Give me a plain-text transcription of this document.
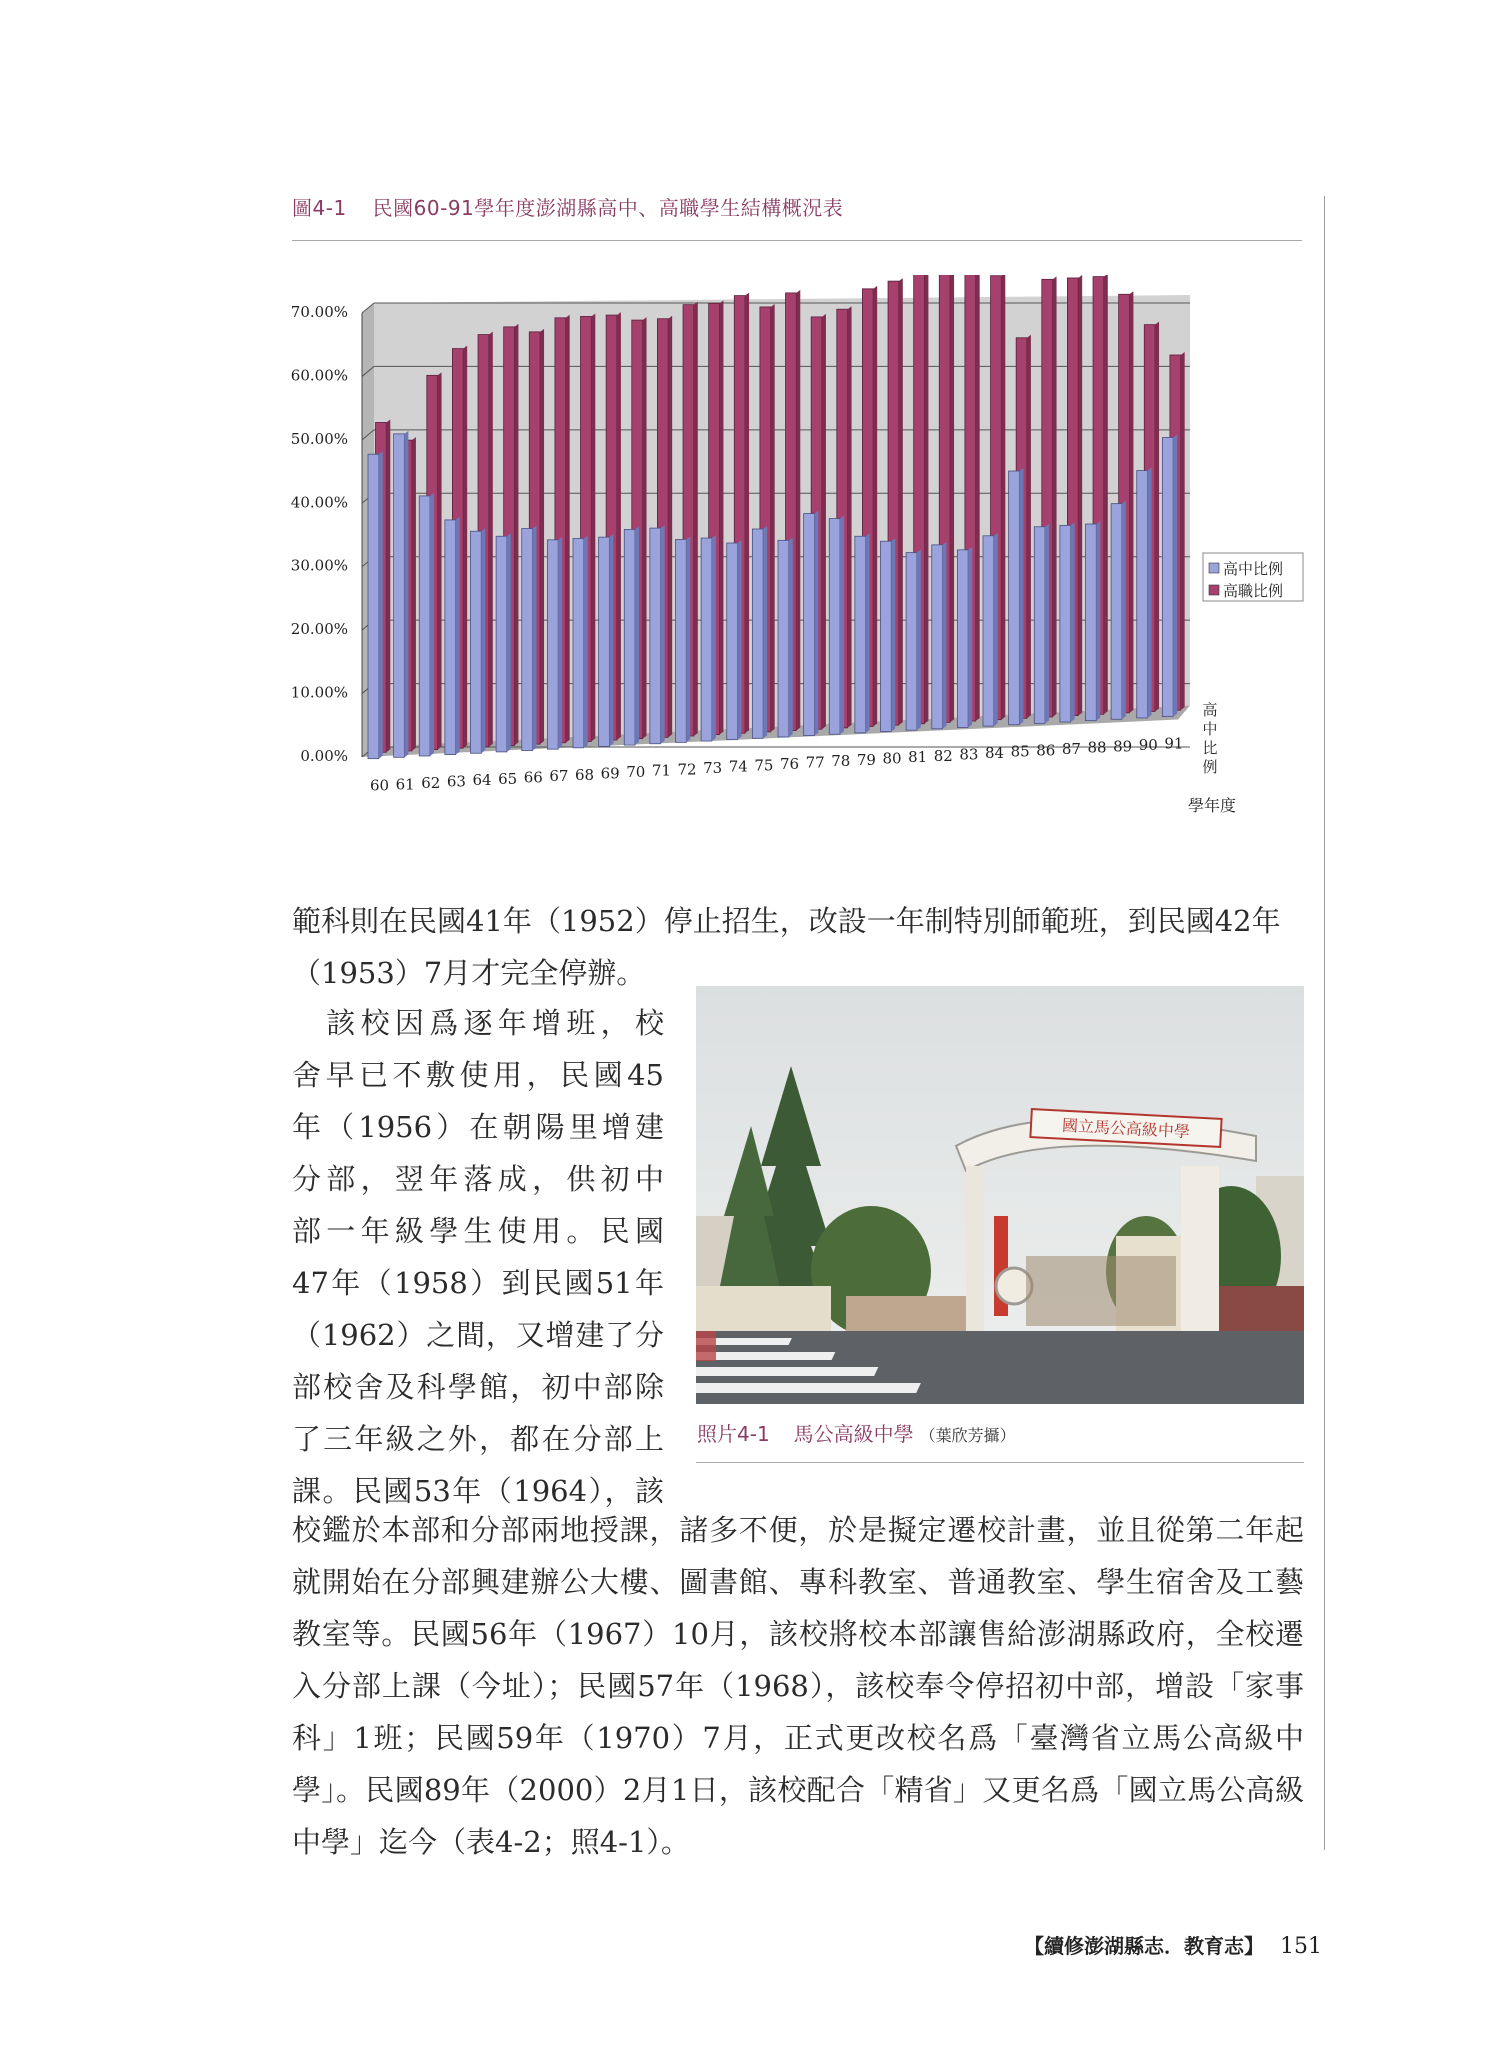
圖4-1 民國60-91學年度澎湖縣高中、高職學生結構概況表
0.00%
10.00%
20.00%
30.00%
40.00%
50.00%
60.00%
70.00%
60 61 62 63 64 65 66 67 68 69 70 71 72 73 74 75 76 77 78 79 80 81 82 83 84 85 86 87 88 89 90 91
學年度
高
中
比
例
高中比例
高職比例
範科則在民國41年（1952）停止招生，改設一年制特別師範班，到民國42年（1953）7月才完全停辦。
　該校因爲逐年增班，校
舍早已不敷使用，民國45
年（1956）在朝陽里增建
分部，翌年落成，供初中
部一年級學生使用。民國
47年（1958）到民國51年
（1962）之間，又增建了分
部校舍及科學館，初中部除
了三年級之外，都在分部上
課。民國53年（1964），該
國立馬公高級中學
照片4-1 馬公高級中學 （葉欣芳攝）
校鑑於本部和分部兩地授課，諸多不便，於是擬定遷校計畫，並且從第二年起就開始在分部興建辦公大樓、圖書館、專科教室、普通教室、學生宿舍及工藝教室等。民國56年（1967）10月，該校將校本部讓售給澎湖縣政府，全校遷入分部上課（今址）；民國57年（1968），該校奉令停招初中部，增設「家事科」1班；民國59年（1970）7月，正式更改校名爲「臺灣省立馬公高級中學」。民國89年（2000）2月1日，該校配合「精省」又更名爲「國立馬公高級中學」迄今（表4-2；照4-1）。
【續修澎湖縣志．教育志】 151
